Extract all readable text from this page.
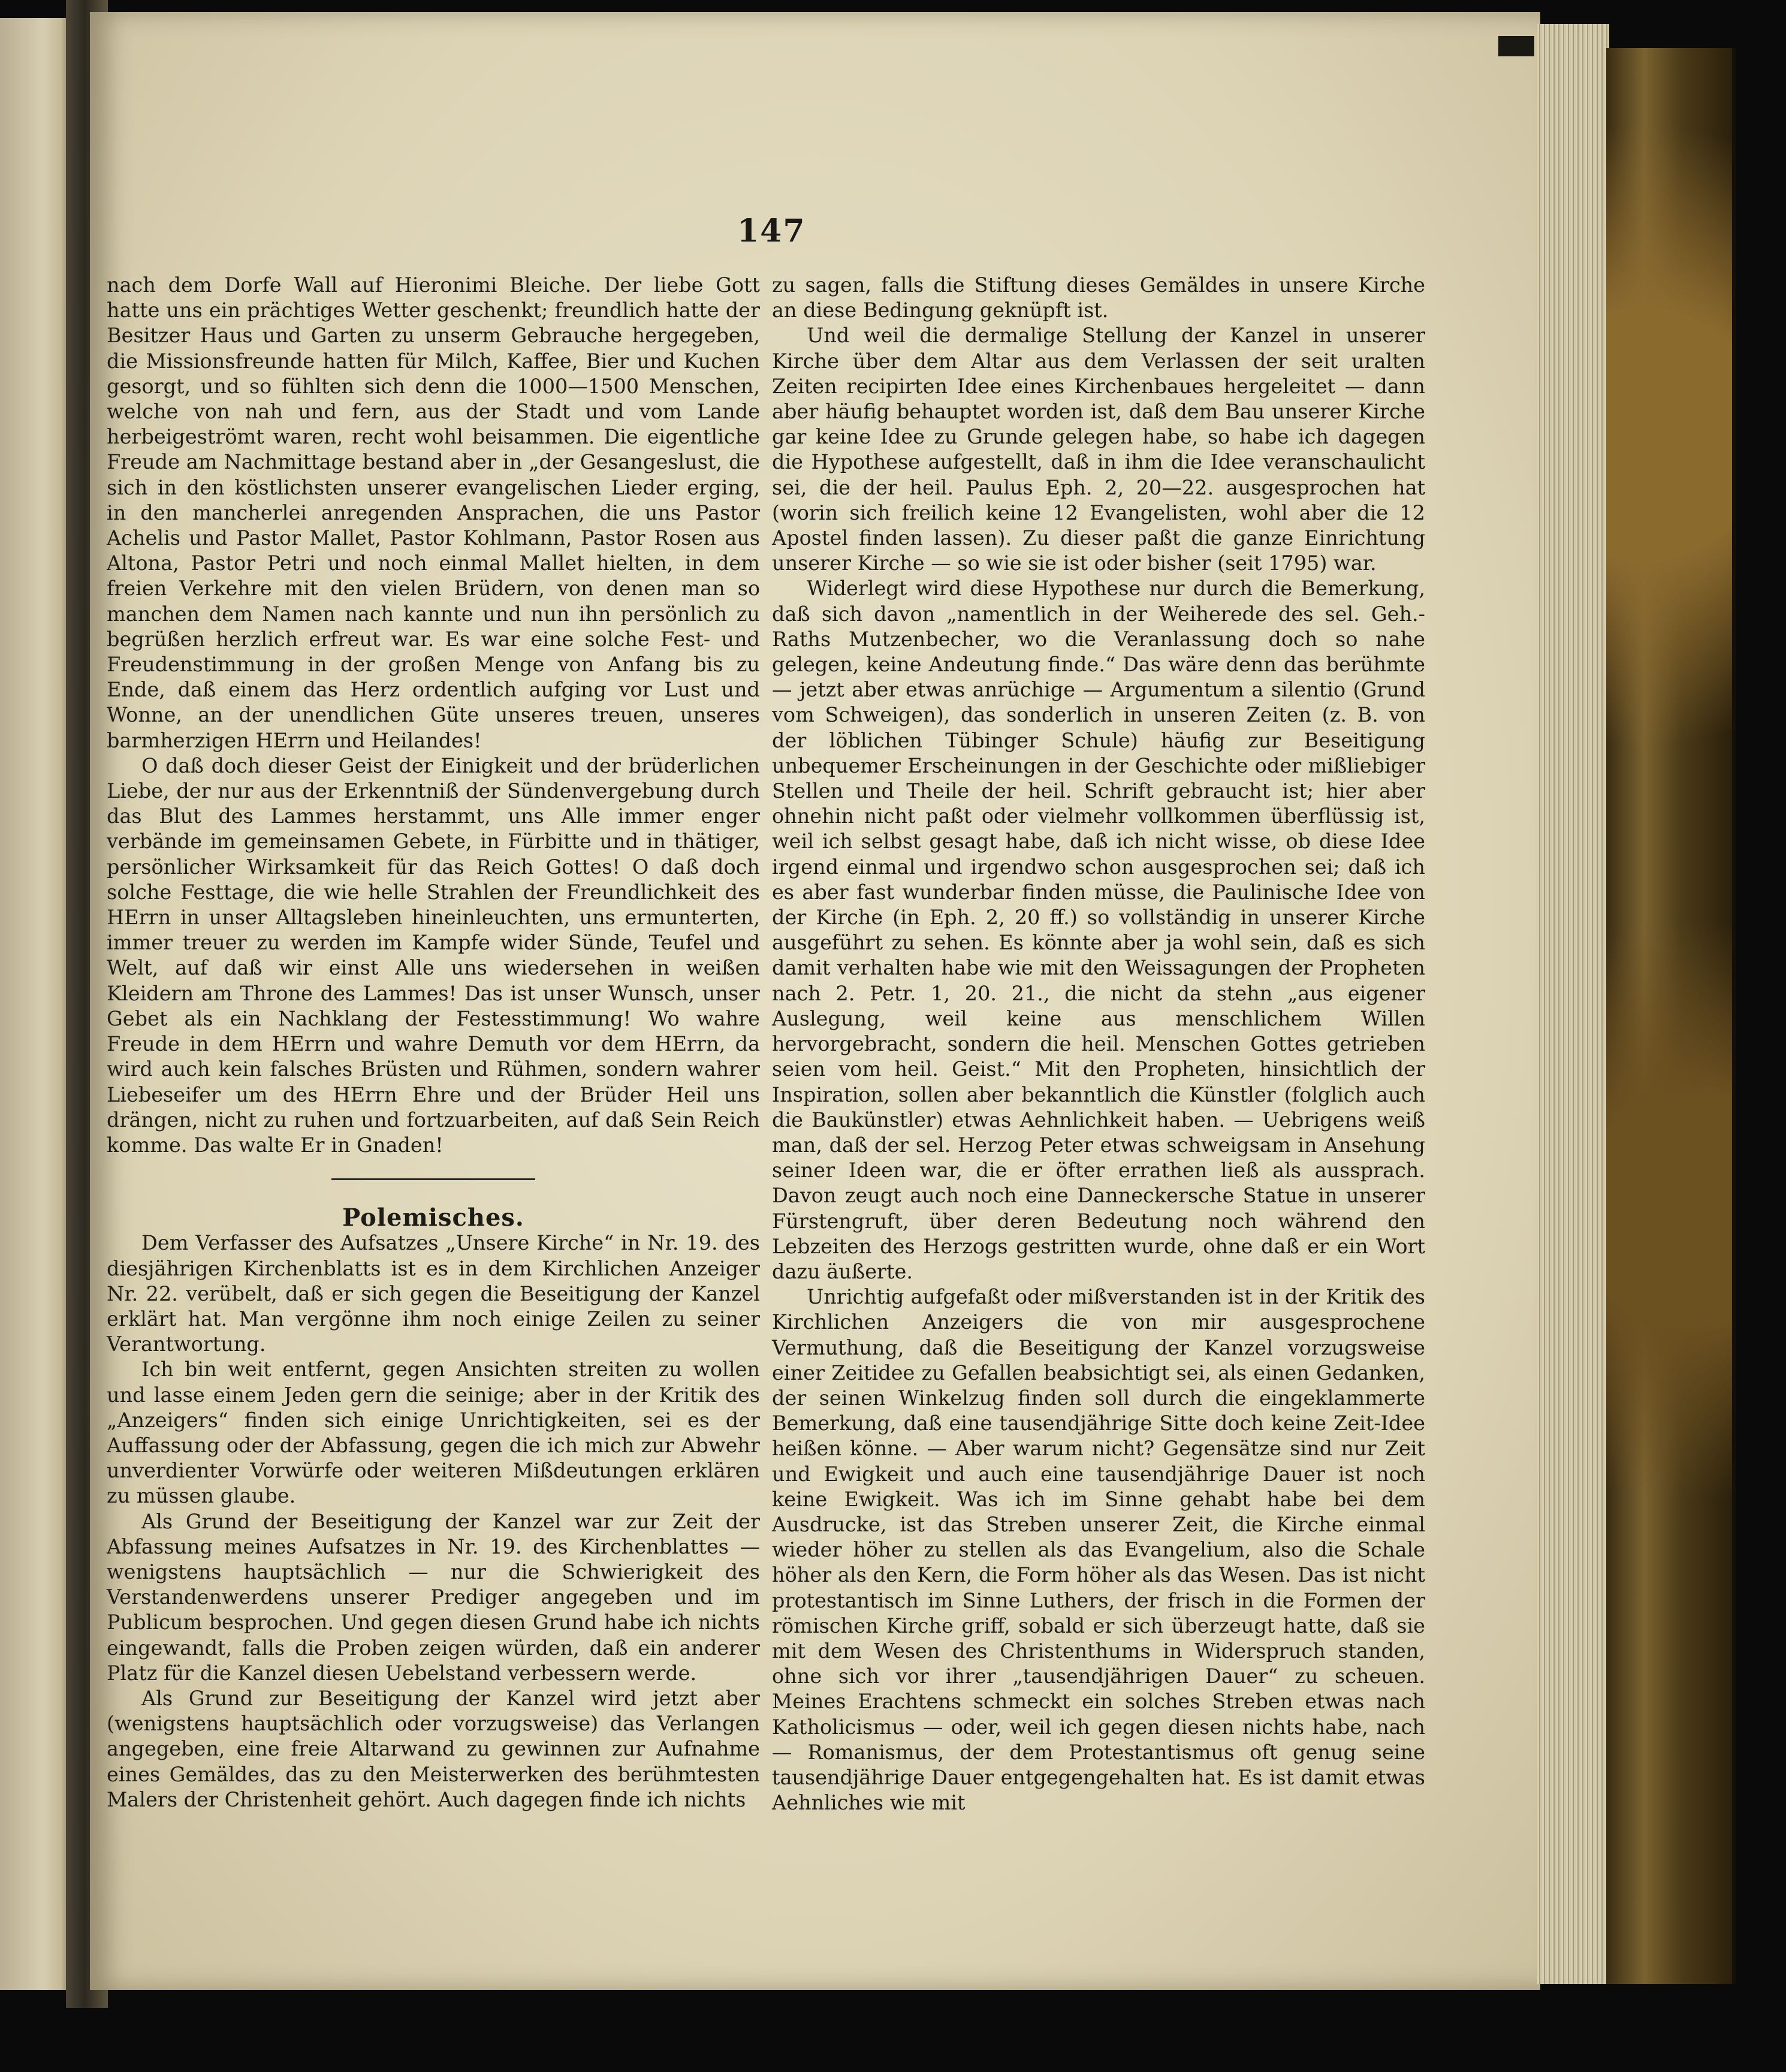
147

nach dem Dorfe Wall auf Hieronimi Bleiche. Der liebe Gott hatte uns ein prächtiges Wetter geschenkt; freundlich hatte der Besitzer Haus und Garten zu unserm Gebrauche hergegeben, die Missionsfreunde hatten für Milch, Kaffee, Bier und Kuchen gesorgt, und so fühlten sich denn die 1000—1500 Menschen, welche von nah und fern, aus der Stadt und vom Lande herbeigeströmt waren, recht wohl beisammen. Die eigentliche Freude am Nachmittage bestand aber in „der Gesangeslust, die sich in den köstlichsten unserer evangelischen Lieder erging, in den mancherlei anregenden Ansprachen, die uns Pastor Achelis und Pastor Mallet, Pastor Kohlmann, Pastor Rosen aus Altona, Pastor Petri und noch einmal Mallet hielten, in dem freien Verkehre mit den vielen Brüdern, von denen man so manchen dem Namen nach kannte und nun ihn persönlich zu begrüßen herzlich erfreut war. Es war eine solche Fest- und Freudenstimmung in der großen Menge von Anfang bis zu Ende, daß einem das Herz ordentlich aufging vor Lust und Wonne, an der unendlichen Güte unseres treuen, unseres barmherzigen HErrn und Heilandes!

O daß doch dieser Geist der Einigkeit und der brüderlichen Liebe, der nur aus der Erkenntniß der Sündenvergebung durch das Blut des Lammes herstammt, uns Alle immer enger verbände im gemeinsamen Gebete, in Fürbitte und in thätiger, persönlicher Wirksamkeit für das Reich Gottes! O daß doch solche Festtage, die wie helle Strahlen der Freundlichkeit des HErrn in unser Alltagsleben hineinleuchten, uns ermunterten, immer treuer zu werden im Kampfe wider Sünde, Teufel und Welt, auf daß wir einst Alle uns wiedersehen in weißen Kleidern am Throne des Lammes! Das ist unser Wunsch, unser Gebet als ein Nachklang der Festesstimmung! Wo wahre Freude in dem HErrn und wahre Demuth vor dem HErrn, da wird auch kein falsches Brüsten und Rühmen, sondern wahrer Liebeseifer um des HErrn Ehre und der Brüder Heil uns drängen, nicht zu ruhen und fortzuarbeiten, auf daß Sein Reich komme. Das walte Er in Gnaden!

Polemisches.

Dem Verfasser des Aufsatzes „Unsere Kirche“ in Nr. 19. des diesjährigen Kirchenblatts ist es in dem Kirchlichen Anzeiger Nr. 22. verübelt, daß er sich gegen die Beseitigung der Kanzel erklärt hat. Man vergönne ihm noch einige Zeilen zu seiner Verantwortung.

Ich bin weit entfernt, gegen Ansichten streiten zu wollen und lasse einem Jeden gern die seinige; aber in der Kritik des „Anzeigers“ finden sich einige Unrichtigkeiten, sei es der Auffassung oder der Abfassung, gegen die ich mich zur Abwehr unverdienter Vorwürfe oder weiteren Mißdeutungen erklären zu müssen glaube.

Als Grund der Beseitigung der Kanzel war zur Zeit der Abfassung meines Aufsatzes in Nr. 19. des Kirchenblattes — wenigstens hauptsächlich — nur die Schwierigkeit des Verstandenwerdens unserer Prediger angegeben und im Publicum besprochen. Und gegen diesen Grund habe ich nichts eingewandt, falls die Proben zeigen würden, daß ein anderer Platz für die Kanzel diesen Uebelstand verbessern werde.

Als Grund zur Beseitigung der Kanzel wird jetzt aber (wenigstens hauptsächlich oder vorzugsweise) das Verlangen angegeben, eine freie Altarwand zu gewinnen zur Aufnahme eines Gemäldes, das zu den Meisterwerken des berühmtesten Malers der Christenheit gehört. Auch dagegen finde ich nichts

zu sagen, falls die Stiftung dieses Gemäldes in unsere Kirche an diese Bedingung geknüpft ist.

Und weil die dermalige Stellung der Kanzel in unserer Kirche über dem Altar aus dem Verlassen der seit uralten Zeiten recipirten Idee eines Kirchenbaues hergeleitet — dann aber häufig behauptet worden ist, daß dem Bau unserer Kirche gar keine Idee zu Grunde gelegen habe, so habe ich dagegen die Hypothese aufgestellt, daß in ihm die Idee veranschaulicht sei, die der heil. Paulus Eph. 2, 20—22. ausgesprochen hat (worin sich freilich keine 12 Evangelisten, wohl aber die 12 Apostel finden lassen). Zu dieser paßt die ganze Einrichtung unserer Kirche — so wie sie ist oder bisher (seit 1795) war.

Widerlegt wird diese Hypothese nur durch die Bemerkung, daß sich davon „namentlich in der Weiherede des sel. Geh.-Raths Mutzenbecher, wo die Veranlassung doch so nahe gelegen, keine Andeutung finde.“ Das wäre denn das berühmte — jetzt aber etwas anrüchige — Argumentum a silentio (Grund vom Schweigen), das sonderlich in unseren Zeiten (z. B. von der löblichen Tübinger Schule) häufig zur Beseitigung unbequemer Erscheinungen in der Geschichte oder mißliebiger Stellen und Theile der heil. Schrift gebraucht ist; hier aber ohnehin nicht paßt oder vielmehr vollkommen überflüssig ist, weil ich selbst gesagt habe, daß ich nicht wisse, ob diese Idee irgend einmal und irgendwo schon ausgesprochen sei; daß ich es aber fast wunderbar finden müsse, die Paulinische Idee von der Kirche (in Eph. 2, 20 ff.) so vollständig in unserer Kirche ausgeführt zu sehen. Es könnte aber ja wohl sein, daß es sich damit verhalten habe wie mit den Weissagungen der Propheten nach 2. Petr. 1, 20. 21., die nicht da stehn „aus eigener Auslegung, weil keine aus menschlichem Willen hervorgebracht, sondern die heil. Menschen Gottes getrieben seien vom heil. Geist.“ Mit den Propheten, hinsichtlich der Inspiration, sollen aber bekanntlich die Künstler (folglich auch die Baukünstler) etwas Aehnlichkeit haben. — Uebrigens weiß man, daß der sel. Herzog Peter etwas schweigsam in Ansehung seiner Ideen war, die er öfter errathen ließ als aussprach. Davon zeugt auch noch eine Danneckersche Statue in unserer Fürstengruft, über deren Bedeutung noch während den Lebzeiten des Herzogs gestritten wurde, ohne daß er ein Wort dazu äußerte.

Unrichtig aufgefaßt oder mißverstanden ist in der Kritik des Kirchlichen Anzeigers die von mir ausgesprochene Vermuthung, daß die Beseitigung der Kanzel vorzugsweise einer Zeitidee zu Gefallen beabsichtigt sei, als einen Gedanken, der seinen Winkelzug finden soll durch die eingeklammerte Bemerkung, daß eine tausendjährige Sitte doch keine Zeit-Idee heißen könne. — Aber warum nicht? Gegensätze sind nur Zeit und Ewigkeit und auch eine tausendjährige Dauer ist noch keine Ewigkeit. Was ich im Sinne gehabt habe bei dem Ausdrucke, ist das Streben unserer Zeit, die Kirche einmal wieder höher zu stellen als das Evangelium, also die Schale höher als den Kern, die Form höher als das Wesen. Das ist nicht protestantisch im Sinne Luthers, der frisch in die Formen der römischen Kirche griff, sobald er sich überzeugt hatte, daß sie mit dem Wesen des Christenthums in Widerspruch standen, ohne sich vor ihrer „tausendjährigen Dauer“ zu scheuen. Meines Erachtens schmeckt ein solches Streben etwas nach Katholicismus — oder, weil ich gegen diesen nichts habe, nach — Romanismus, der dem Protestantismus oft genug seine tausendjährige Dauer entgegengehalten hat. Es ist damit etwas Aehnliches wie mit
